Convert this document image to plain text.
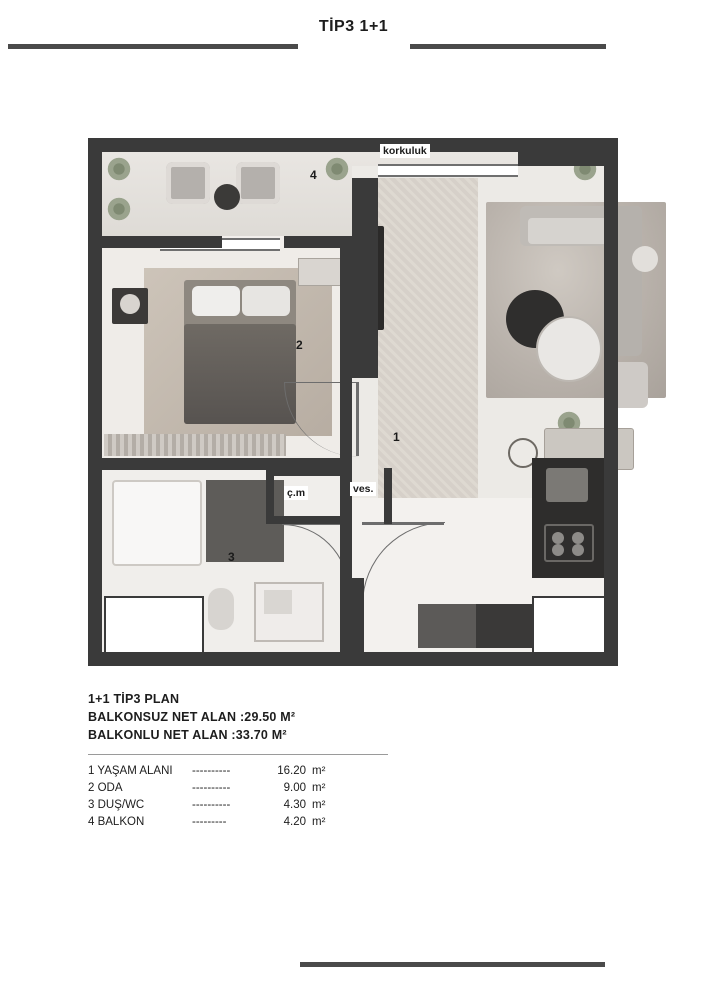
TİP3 1+1
1
2
3
4
korkuluk
ç.m	ves.
1+1 TİP3 PLAN
BALKONSUZ NET ALAN :29.50 M²
BALKONLU NET ALAN :33.70 M²
1 YAŞAM ALANI	----------	16.20 m²
2 ODA	----------	9.00 m²
3 DUŞ/WC	----------	4.30 m²
4 BALKON	---------	4.20 m²
